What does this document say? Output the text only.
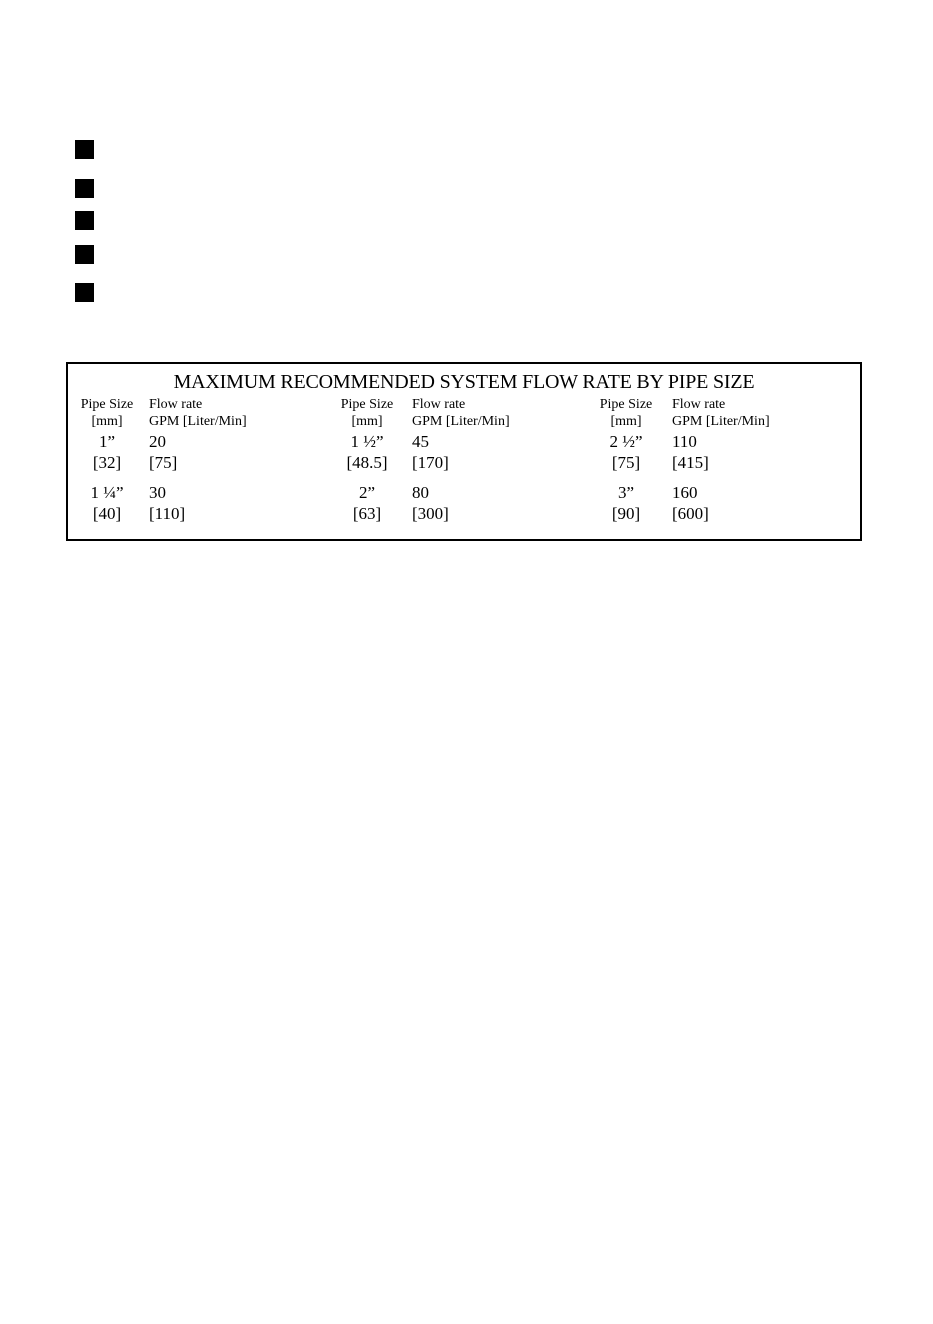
MAXIMUM RECOMMENDED SYSTEM FLOW RATE BY PIPE SIZE
Pipe Size
[mm]
1”
[32]
1 ¼”
[40]
Flow rate
GPM [Liter/Min]
20
[75]
30
[110]
Pipe Size
[mm]
1 ½”
[48.5]
2”
[63]
Flow rate
GPM [Liter/Min]
45
[170]
80
[300]
Pipe Size
[mm]
2 ½”
[75]
3”
[90]
Flow rate
GPM [Liter/Min]
110
[415]
160
[600]
